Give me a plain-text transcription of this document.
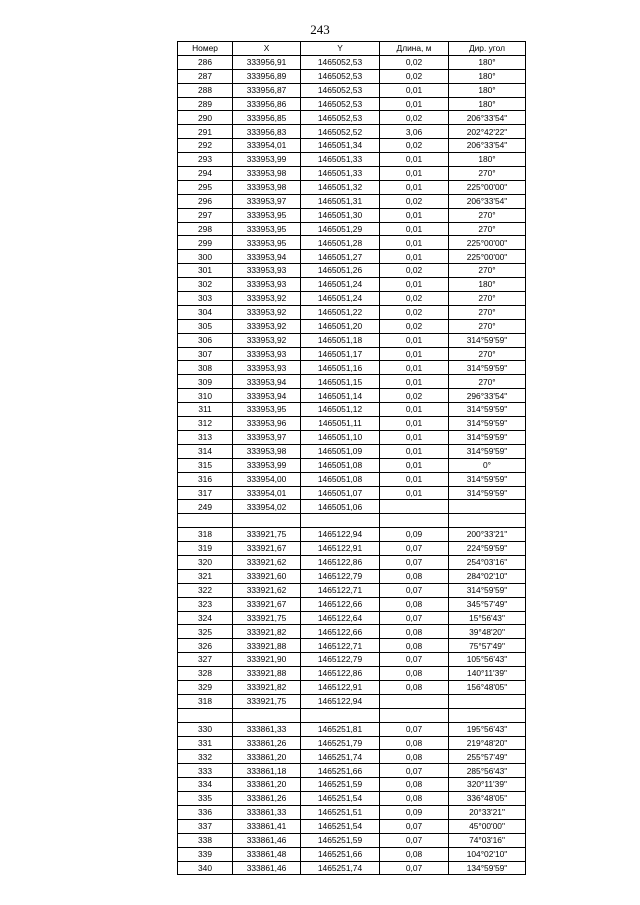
243
Номер	X	Y	Длина, м	Дир. угол
286	333956,91	1465052,53	0,02	180°
287	333956,89	1465052,53	0,02	180°
288	333956,87	1465052,53	0,01	180°
289	333956,86	1465052,53	0,01	180°
290	333956,85	1465052,53	0,02	206°33'54"
291	333956,83	1465052,52	3,06	202°42'22"
292	333954,01	1465051,34	0,02	206°33'54"
293	333953,99	1465051,33	0,01	180°
294	333953,98	1465051,33	0,01	270°
295	333953,98	1465051,32	0,01	225°00'00"
296	333953,97	1465051,31	0,02	206°33'54"
297	333953,95	1465051,30	0,01	270°
298	333953,95	1465051,29	0,01	270°
299	333953,95	1465051,28	0,01	225°00'00"
300	333953,94	1465051,27	0,01	225°00'00"
301	333953,93	1465051,26	0,02	270°
302	333953,93	1465051,24	0,01	180°
303	333953,92	1465051,24	0,02	270°
304	333953,92	1465051,22	0,02	270°
305	333953,92	1465051,20	0,02	270°
306	333953,92	1465051,18	0,01	314°59'59"
307	333953,93	1465051,17	0,01	270°
308	333953,93	1465051,16	0,01	314°59'59"
309	333953,94	1465051,15	0,01	270°
310	333953,94	1465051,14	0,02	296°33'54"
311	333953,95	1465051,12	0,01	314°59'59"
312	333953,96	1465051,11	0,01	314°59'59"
313	333953,97	1465051,10	0,01	314°59'59"
314	333953,98	1465051,09	0,01	314°59'59"
315	333953,99	1465051,08	0,01	0°
316	333954,00	1465051,08	0,01	314°59'59"
317	333954,01	1465051,07	0,01	314°59'59"
249	333954,02	1465051,06		

318	333921,75	1465122,94	0,09	200°33'21"
319	333921,67	1465122,91	0,07	224°59'59"
320	333921,62	1465122,86	0,07	254°03'16"
321	333921,60	1465122,79	0,08	284°02'10"
322	333921,62	1465122,71	0,07	314°59'59"
323	333921,67	1465122,66	0,08	345°57'49"
324	333921,75	1465122,64	0,07	15°56'43"
325	333921,82	1465122,66	0,08	39°48'20"
326	333921,88	1465122,71	0,08	75°57'49"
327	333921,90	1465122,79	0,07	105°56'43"
328	333921,88	1465122,86	0,08	140°11'39"
329	333921,82	1465122,91	0,08	156°48'05"
318	333921,75	1465122,94		

330	333861,33	1465251,81	0,07	195°56'43"
331	333861,26	1465251,79	0,08	219°48'20"
332	333861,20	1465251,74	0,08	255°57'49"
333	333861,18	1465251,66	0,07	285°56'43"
334	333861,20	1465251,59	0,08	320°11'39"
335	333861,26	1465251,54	0,08	336°48'05"
336	333861,33	1465251,51	0,09	20°33'21"
337	333861,41	1465251,54	0,07	45°00'00"
338	333861,46	1465251,59	0,07	74°03'16"
339	333861,48	1465251,66	0,08	104°02'10"
340	333861,46	1465251,74	0,07	134°59'59"
